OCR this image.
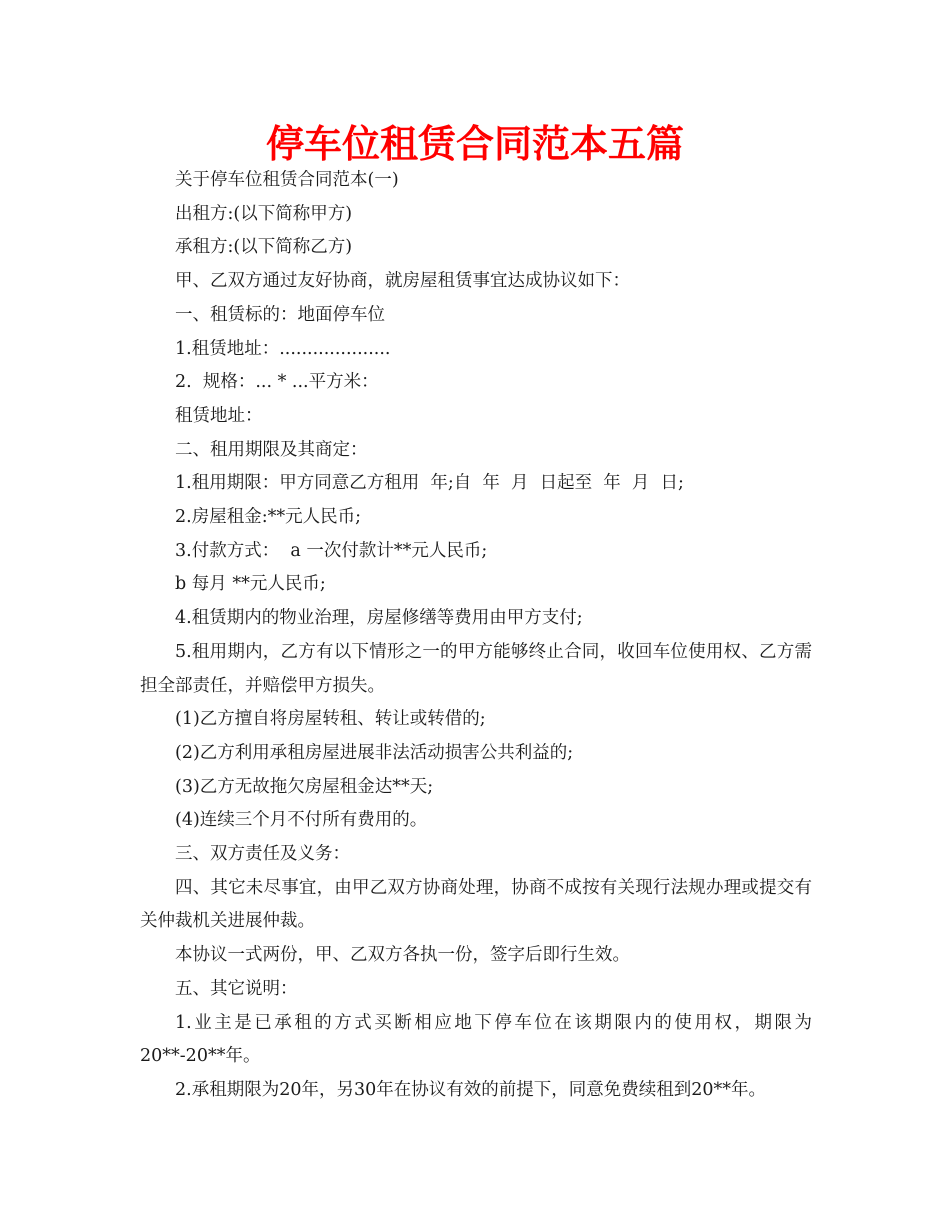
停车位租赁合同范本五篇

关于停车位租赁合同范本(一)

出租方:(以下简称甲方)

承租方:(以下简称乙方)

甲、乙双方通过友好协商，就房屋租赁事宜达成协议如下：

一、租赁标的：地面停车位

1.租赁地址：....................

2.  规格：... * ...平方米：

租赁地址：

二、租用期限及其商定：

1.租用期限：甲方同意乙方租用  年;自  年  月  日起至  年  月  日;

2.房屋租金:**元人民币;

3.付款方式：  a 一次付款计**元人民币;

b 每月 **元人民币;

4.租赁期内的物业治理，房屋修缮等费用由甲方支付;

5.租用期内，乙方有以下情形之一的甲方能够终止合同，收回车位使用权、乙方需担全部责任，并赔偿甲方损失。

(1)乙方擅自将房屋转租、转让或转借的;

(2)乙方利用承租房屋进展非法活动损害公共利益的;

(3)乙方无故拖欠房屋租金达**天;

(4)连续三个月不付所有费用的。

三、双方责任及义务：

四、其它未尽事宜，由甲乙双方协商处理，协商不成按有关现行法规办理或提交有关仲裁机关进展仲裁。

本协议一式两份，甲、乙双方各执一份，签字后即行生效。

五、其它说明：

1.业主是已承租的方式买断相应地下停车位在该期限内的使用权，期限为20**-20**年。

2.承租期限为20年，另30年在协议有效的前提下，同意免费续租到20**年。
